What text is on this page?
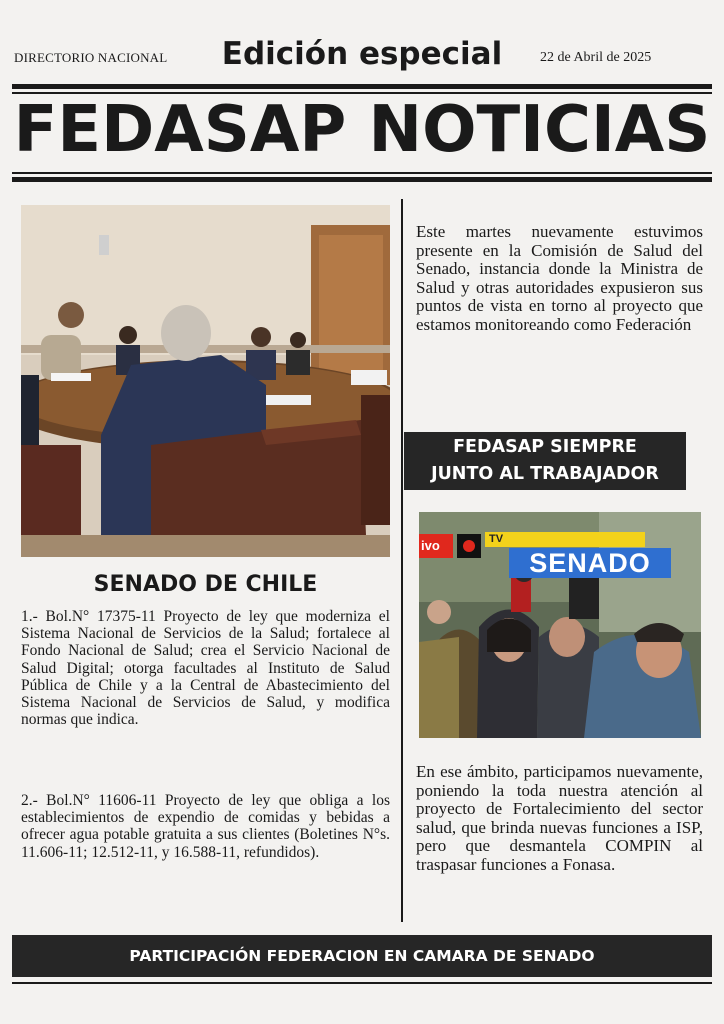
DIRECTORIO NACIONAL	Edición especial	22 de Abril de 2025
FEDASAP NOTICIAS
SENADO DE CHILE
1.- Bol.N° 17375-11 Proyecto de ley que moderniza el Sistema Nacional de Servicios de la Salud; fortalece al Fondo Nacional de Salud; crea el Servicio Nacional de Salud Digital; otorga facultades al Instituto de Salud Pública de Chile y a la Central de Abastecimiento del Sistema Nacional de Servicios de Salud, y modifica normas que indica.
2.- Bol.N° 11606-11 Proyecto de ley que obliga a los establecimientos de expendio de comidas y bebidas a ofrecer agua potable gratuita a sus clientes (Boletines N°s. 11.606-11; 12.512-11, y 16.588-11, refundidos).
Este martes nuevamente estuvimos presente en la Comisión de Salud del Senado, instancia donde la Ministra de Salud y otras autoridades expusieron sus puntos de vista en torno al proyecto que estamos monitoreando como Federación
FEDASAP SIEMPRE
JUNTO AL TRABAJADOR
ivo	TV
SENADO
En ese ámbito, participamos nuevamente, poniendo la toda nuestra atención al proyecto de Fortalecimiento del sector salud, que brinda nuevas funciones a ISP, pero que desmantela COMPIN al traspasar funciones a Fonasa.
PARTICIPACIÓN FEDERACION EN CAMARA DE SENADO
